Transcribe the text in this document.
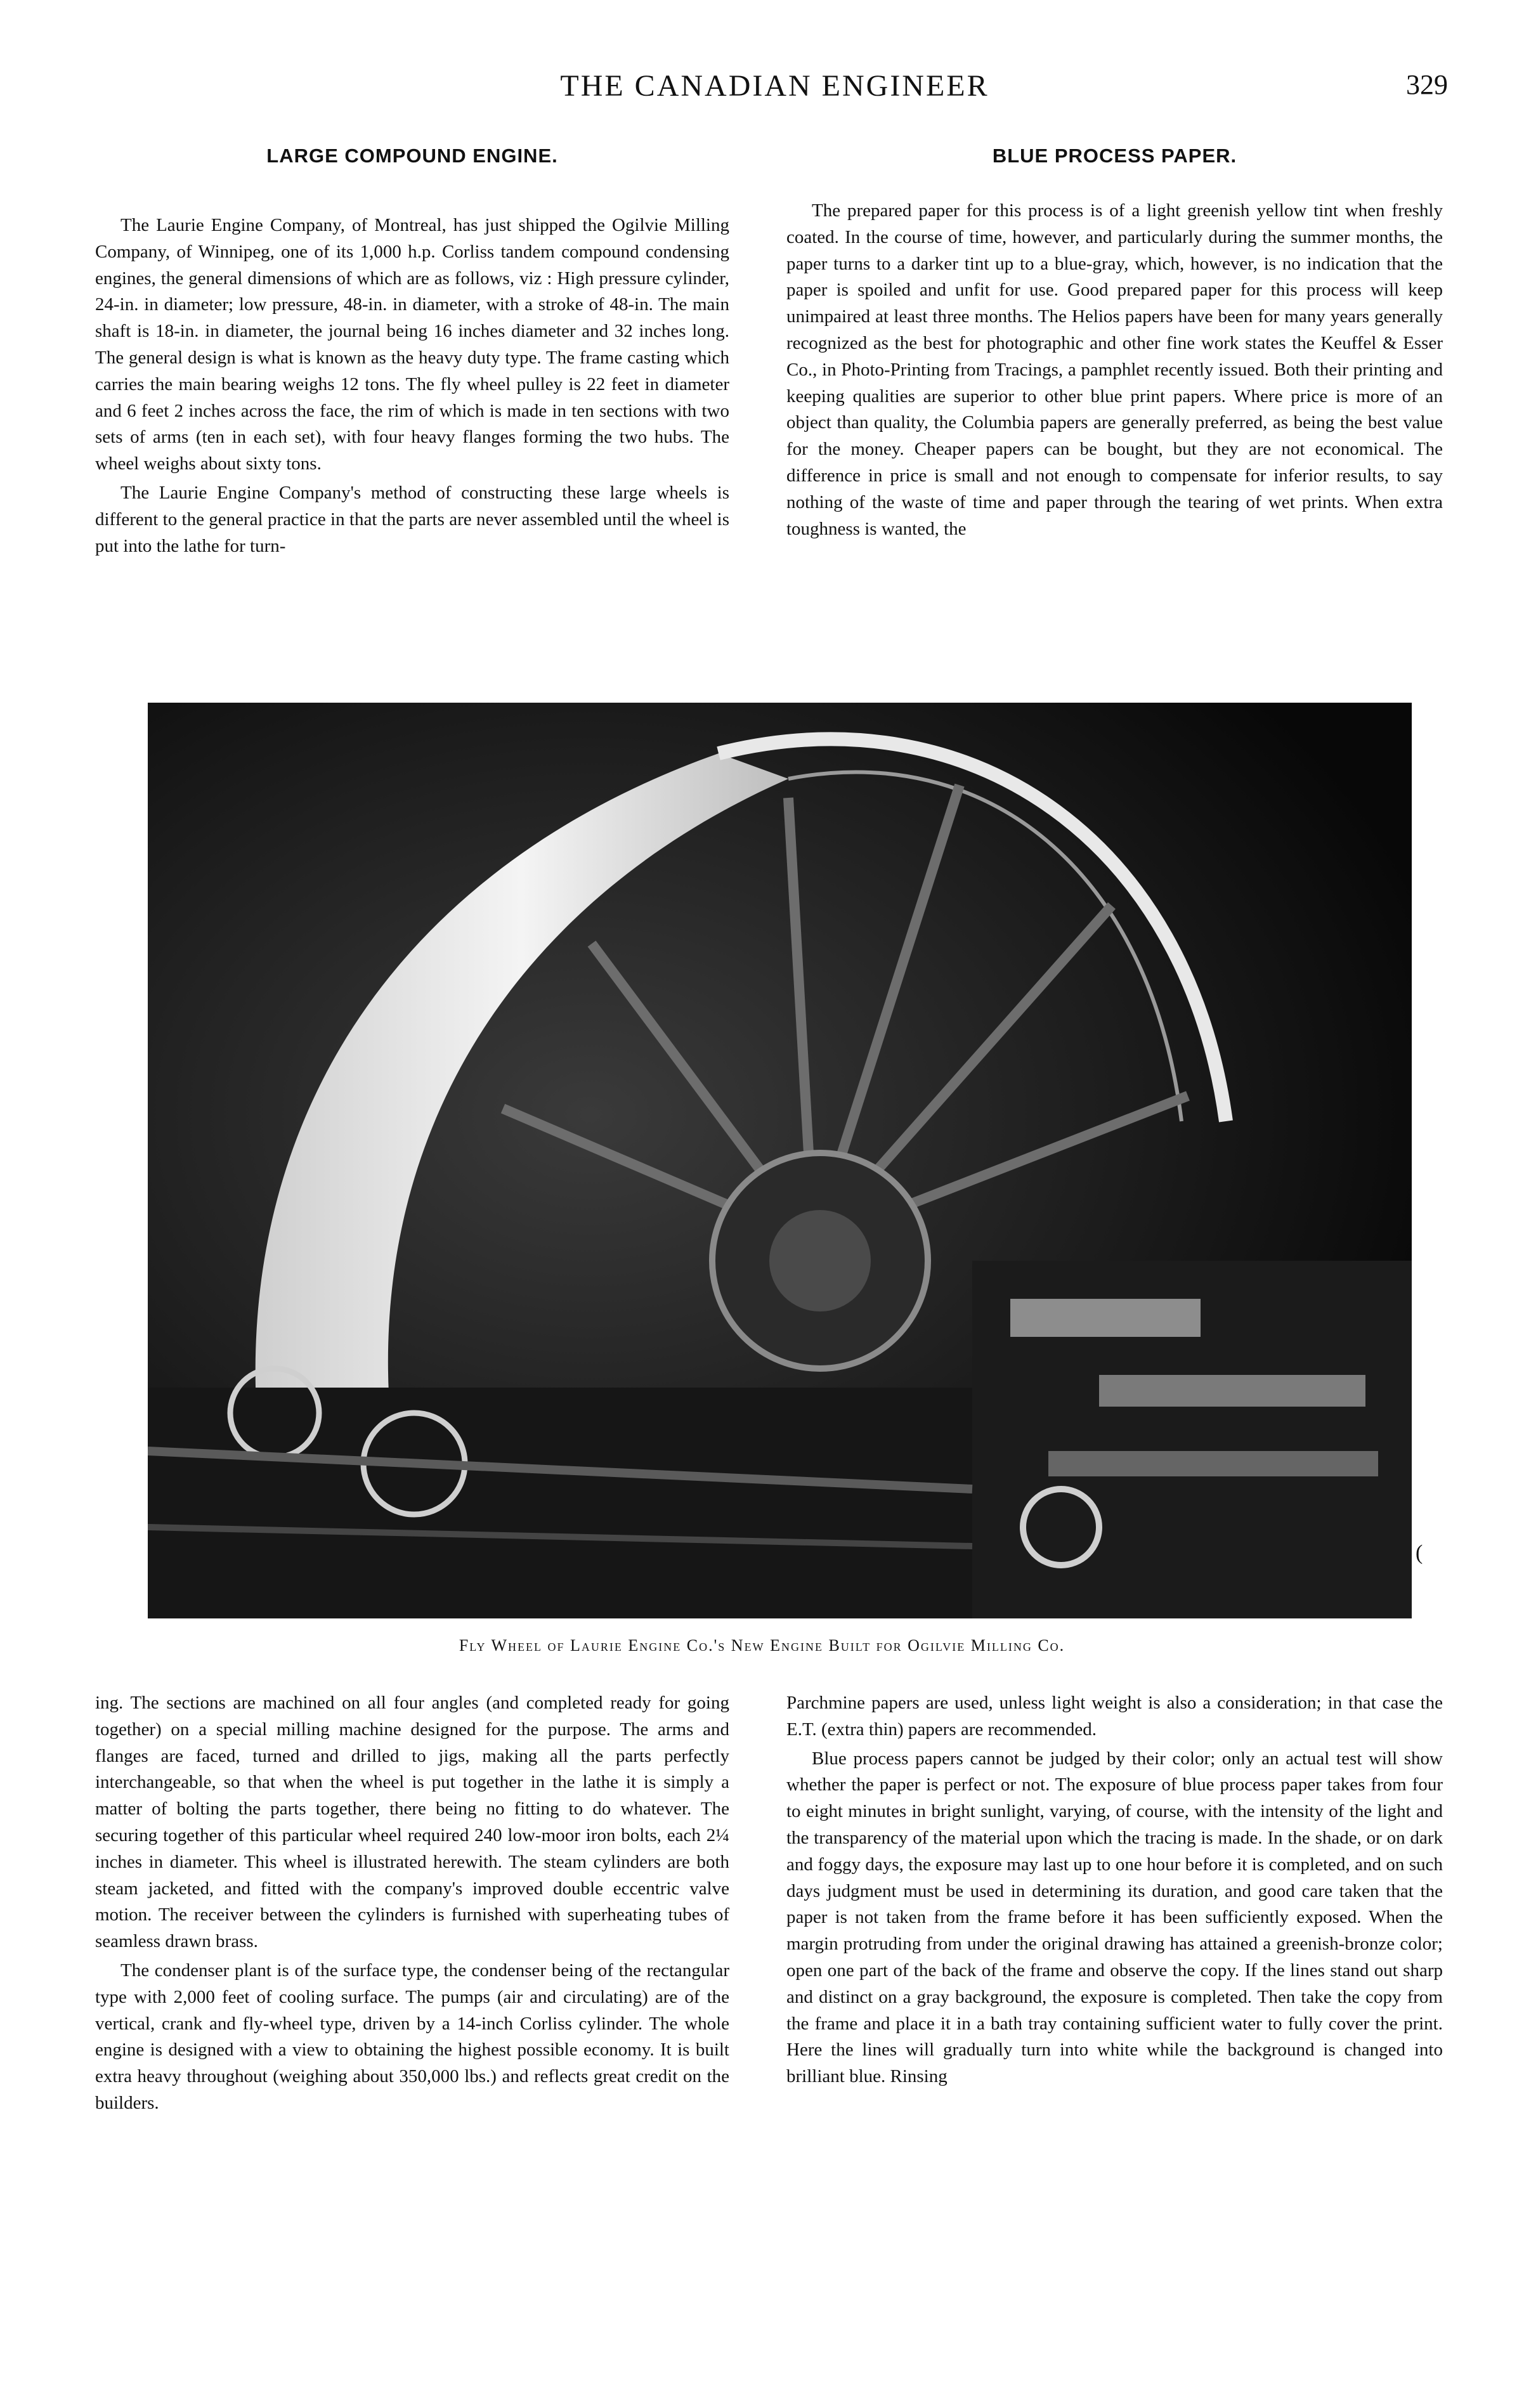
THE CANADIAN ENGINEER	329
LARGE COMPOUND ENGINE.

The Laurie Engine Company, of Montreal, has just shipped the Ogilvie Milling Company, of Winnipeg, one of its 1,000 h.p. Corliss tandem compound condensing engines, the general dimensions of which are as follows, viz : High pressure cylinder, 24-in. in diameter; low pressure, 48-in. in diameter, with a stroke of 48-in. The main shaft is 18-in. in diameter, the journal being 16 inches diameter and 32 inches long. The general design is what is known as the heavy duty type. The frame casting which carries the main bearing weighs 12 tons. The fly wheel pulley is 22 feet in diameter and 6 feet 2 inches across the face, the rim of which is made in ten sections with two sets of arms (ten in each set), with four heavy flanges forming the two hubs. The wheel weighs about sixty tons.

The Laurie Engine Company's method of constructing these large wheels is different to the general practice in that the parts are never assembled until the wheel is put into the lathe for turn-

BLUE PROCESS PAPER.

The prepared paper for this process is of a light greenish yellow tint when freshly coated. In the course of time, however, and particularly during the summer months, the paper turns to a darker tint up to a blue-gray, which, however, is no indication that the paper is spoiled and unfit for use. Good prepared paper for this process will keep unimpaired at least three months. The Helios papers have been for many years generally recognized as the best for photographic and other fine work states the Keuffel & Esser Co., in Photo-Printing from Tracings, a pamphlet recently issued. Both their printing and keeping qualities are superior to other blue print papers. Where price is more of an object than quality, the Columbia papers are generally preferred, as being the best value for the money. Cheaper papers can be bought, but they are not economical. The difference in price is small and not enough to compensate for inferior results, to say nothing of the waste of time and paper through the tearing of wet prints. When extra toughness is wanted, the

(
Fly Wheel of Laurie Engine Co.'s New Engine Built for Ogilvie Milling Co.

ing. The sections are machined on all four angles (and completed ready for going together) on a special milling machine designed for the purpose. The arms and flanges are faced, turned and drilled to jigs, making all the parts perfectly interchangeable, so that when the wheel is put together in the lathe it is simply a matter of bolting the parts together, there being no fitting to do whatever. The securing together of this particular wheel required 240 low-moor iron bolts, each 2¼ inches in diameter. This wheel is illustrated herewith. The steam cylinders are both steam jacketed, and fitted with the company's improved double eccentric valve motion. The receiver between the cylinders is furnished with superheating tubes of seamless drawn brass.

The condenser plant is of the surface type, the condenser being of the rectangular type with 2,000 feet of cooling surface. The pumps (air and circulating) are of the vertical, crank and fly-wheel type, driven by a 14-inch Corliss cylinder. The whole engine is designed with a view to obtaining the highest possible economy. It is built extra heavy throughout (weighing about 350,000 lbs.) and reflects great credit on the builders.

Parchmine papers are used, unless light weight is also a consideration; in that case the E.T. (extra thin) papers are recommended.

Blue process papers cannot be judged by their color; only an actual test will show whether the paper is perfect or not. The exposure of blue process paper takes from four to eight minutes in bright sunlight, varying, of course, with the intensity of the light and the transparency of the material upon which the tracing is made. In the shade, or on dark and foggy days, the exposure may last up to one hour before it is completed, and on such days judgment must be used in determining its duration, and good care taken that the paper is not taken from the frame before it has been sufficiently exposed. When the margin protruding from under the original drawing has attained a greenish-bronze color; open one part of the back of the frame and observe the copy. If the lines stand out sharp and distinct on a gray background, the exposure is completed. Then take the copy from the frame and place it in a bath tray containing sufficient water to fully cover the print. Here the lines will gradually turn into white while the background is changed into brilliant blue. Rinsing
